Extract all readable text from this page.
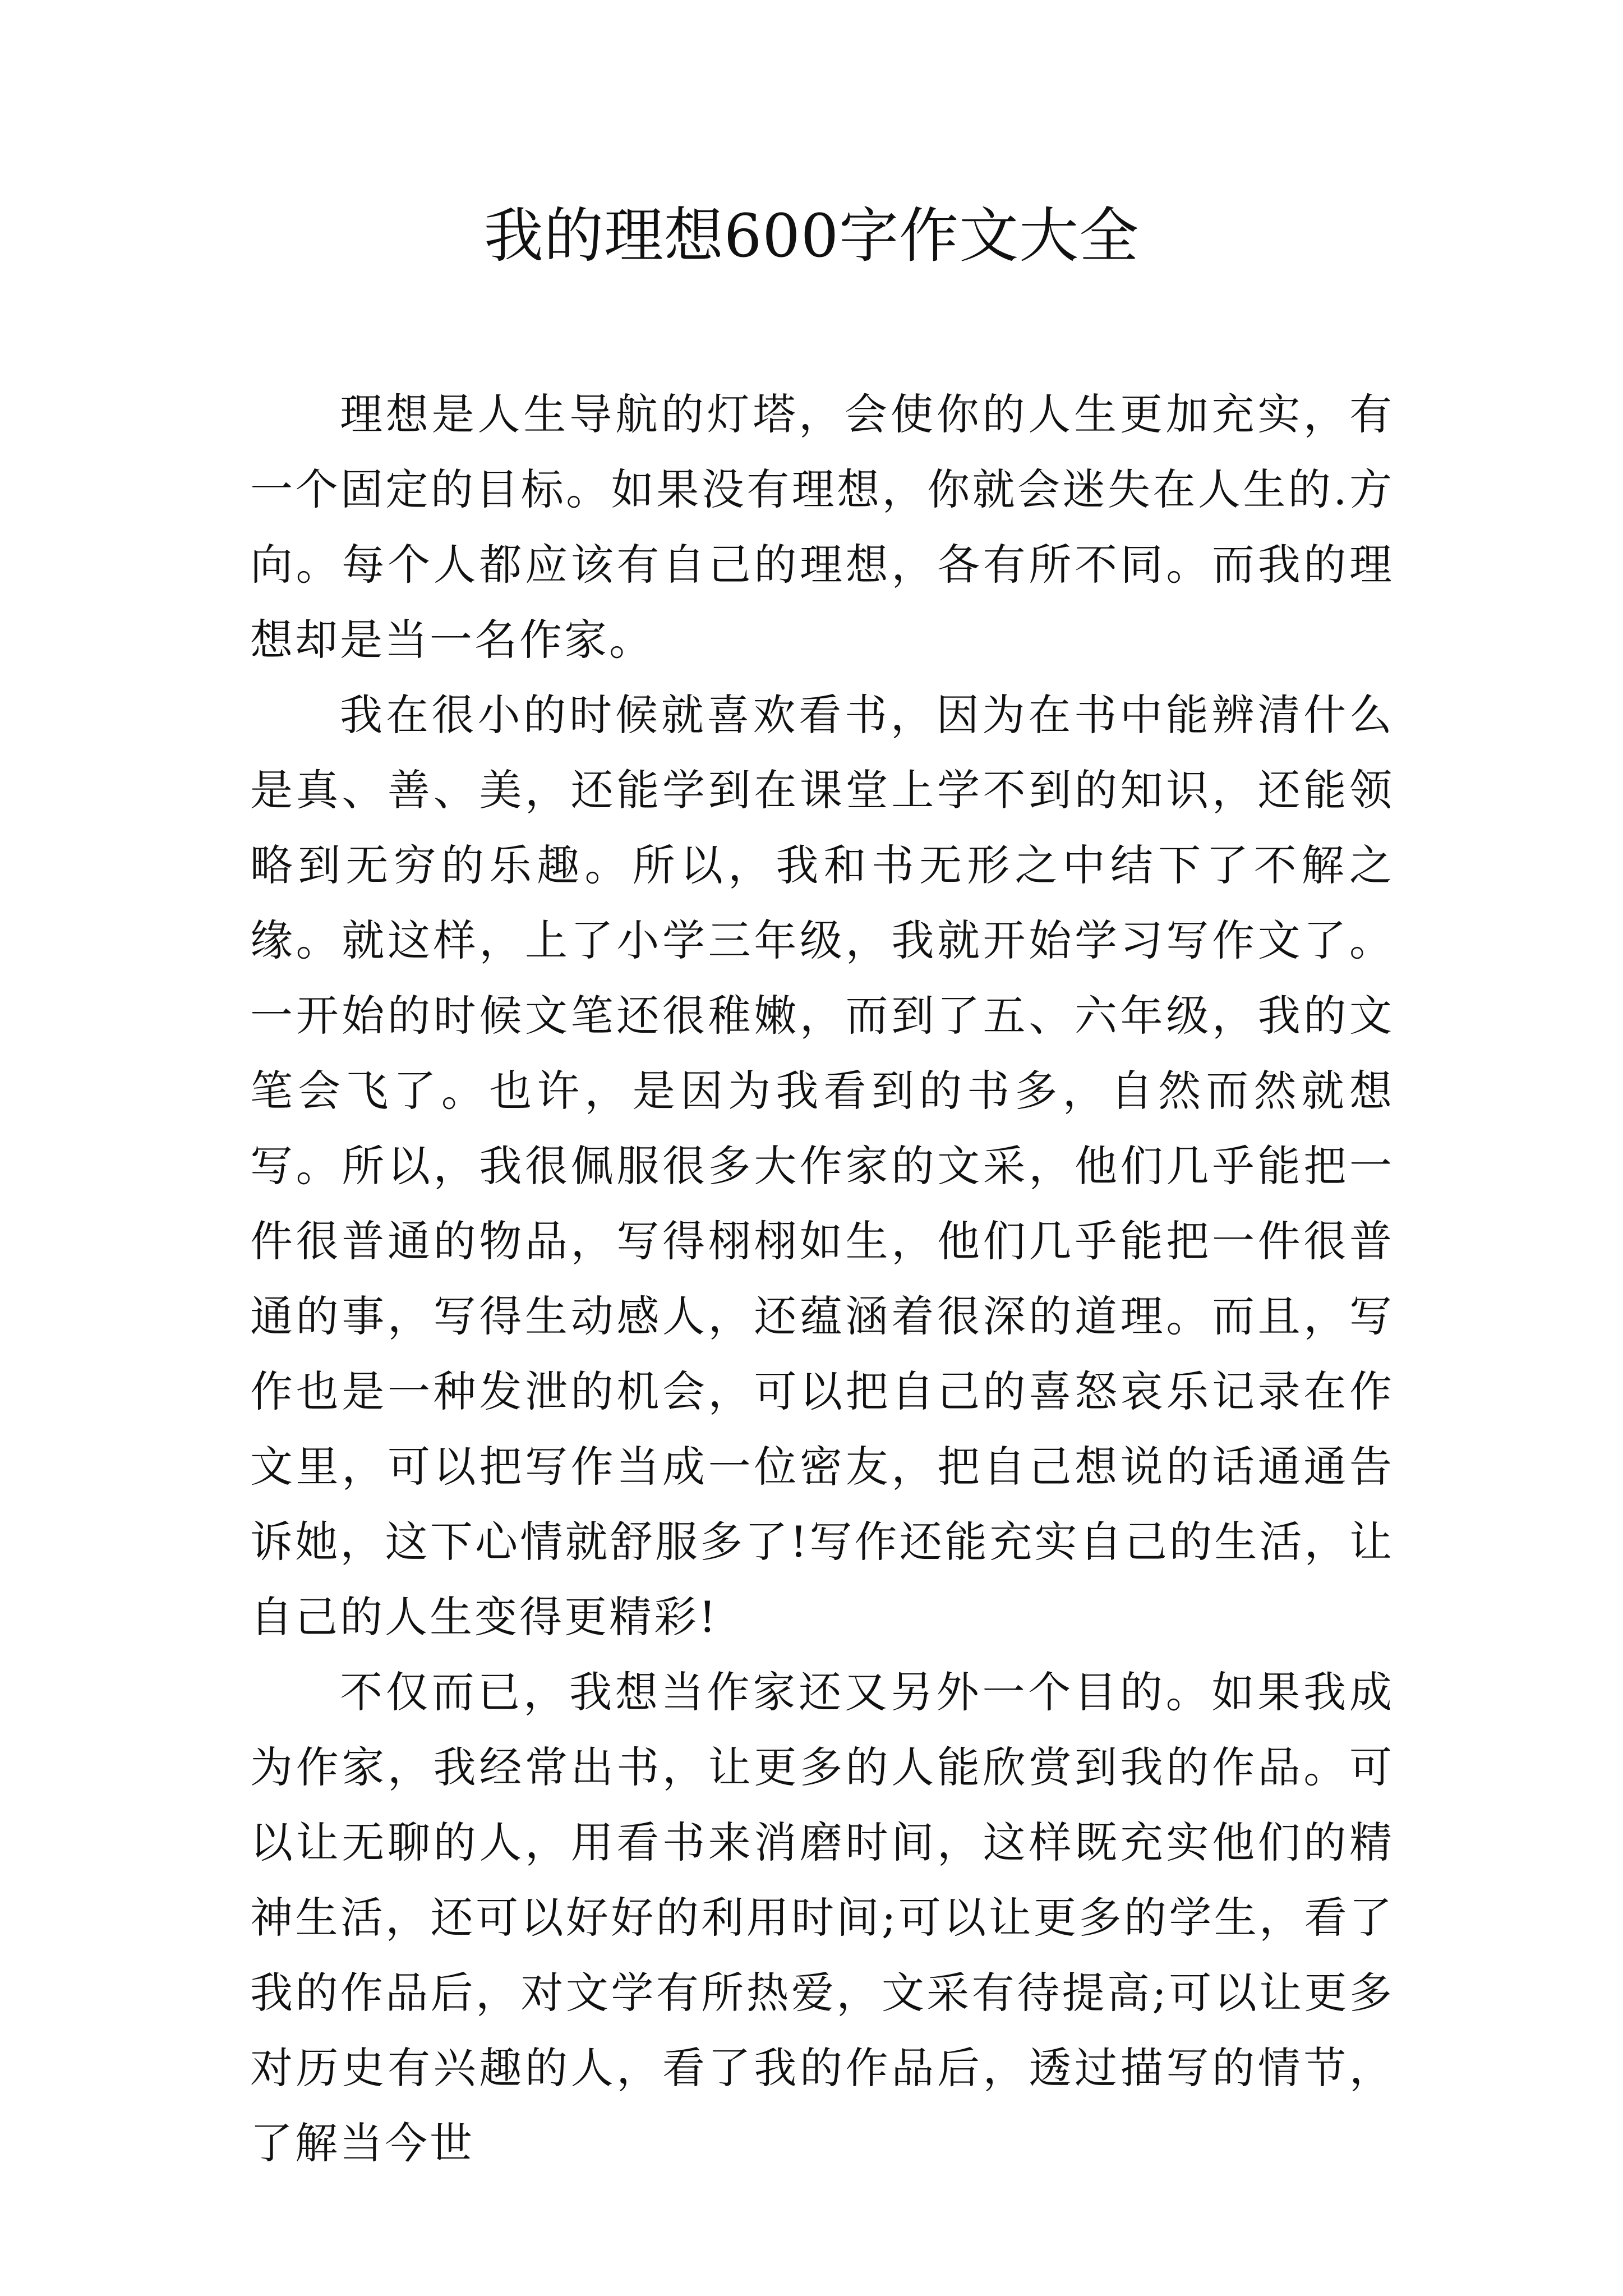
我的理想600字作文大全

理想是人生导航的灯塔，会使你的人生更加充实，有一个固定的目标。如果没有理想，你就会迷失在人生的.方向。每个人都应该有自己的理想，各有所不同。而我的理想却是当一名作家。

我在很小的时候就喜欢看书，因为在书中能辨清什么是真、善、美，还能学到在课堂上学不到的知识，还能领略到无穷的乐趣。所以，我和书无形之中结下了不解之缘。就这样，上了小学三年级，我就开始学习写作文了。一开始的时候文笔还很稚嫩，而到了五、六年级，我的文笔会飞了。也许，是因为我看到的书多，自然而然就想写。所以，我很佩服很多大作家的文采，他们几乎能把一件很普通的物品，写得栩栩如生，他们几乎能把一件很普通的事，写得生动感人，还蕴涵着很深的道理。而且，写作也是一种发泄的机会，可以把自己的喜怒哀乐记录在作文里，可以把写作当成一位密友，把自己想说的话通通告诉她，这下心情就舒服多了!写作还能充实自己的生活，让自己的人生变得更精彩!

不仅而已，我想当作家还又另外一个目的。如果我成为作家，我经常出书，让更多的人能欣赏到我的作品。可以让无聊的人，用看书来消磨时间，这样既充实他们的精神生活，还可以好好的利用时间;可以让更多的学生，看了我的作品后，对文学有所热爱，文采有待提高;可以让更多对历史有兴趣的人，看了我的作品后，透过描写的情节，了解当今世
